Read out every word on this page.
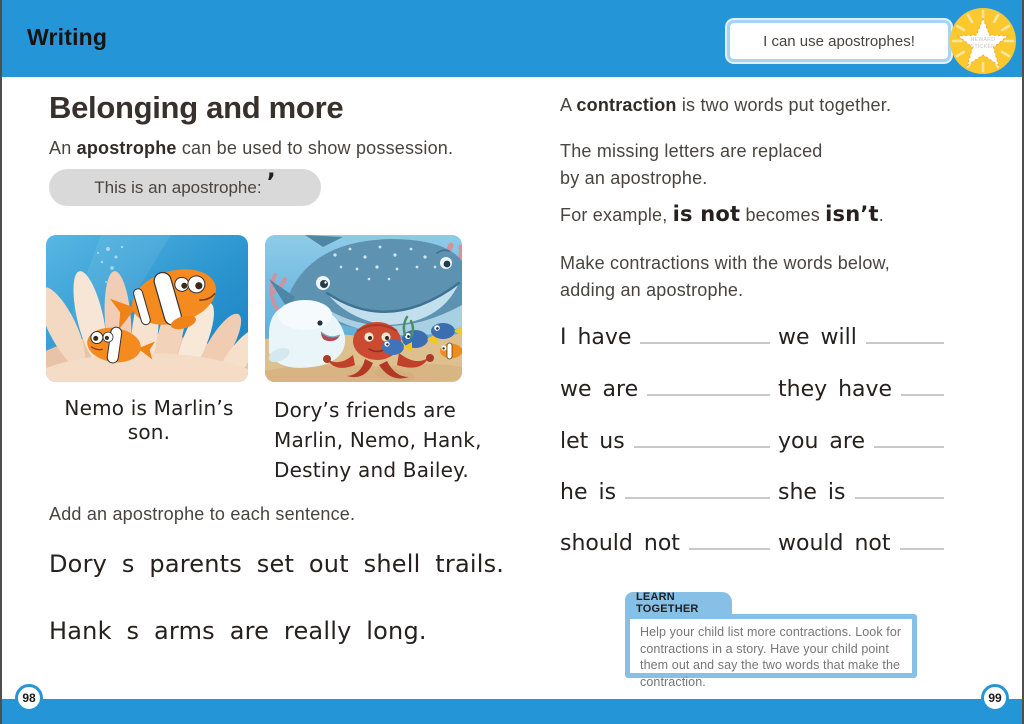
Writing	I can use apostrophes!	REWARD
STICKER
Belonging and more

An apostrophe can be used to show possession.

This is an apostrophe: ’
Nemo is Marlin’s son.
Dory’s friends are
Marlin, Nemo, Hank,
Destiny and Bailey.
Add an apostrophe to each sentence.
Dory s parents set out shell trails.
Hank s arms are really long.

A contraction is two words put together.

The missing letters are replaced
by an apostrophe.

For example, is not becomes isn’t.

Make contractions with the words below,
adding an apostrophe.
I have	we will
we are	they have
let us	you are
he is	she is
should not	would not
LEARN TOGETHER
Help your child list more contractions. Look for contractions in a story. Have your child point them out and say the two words that make the contraction.
98	99
